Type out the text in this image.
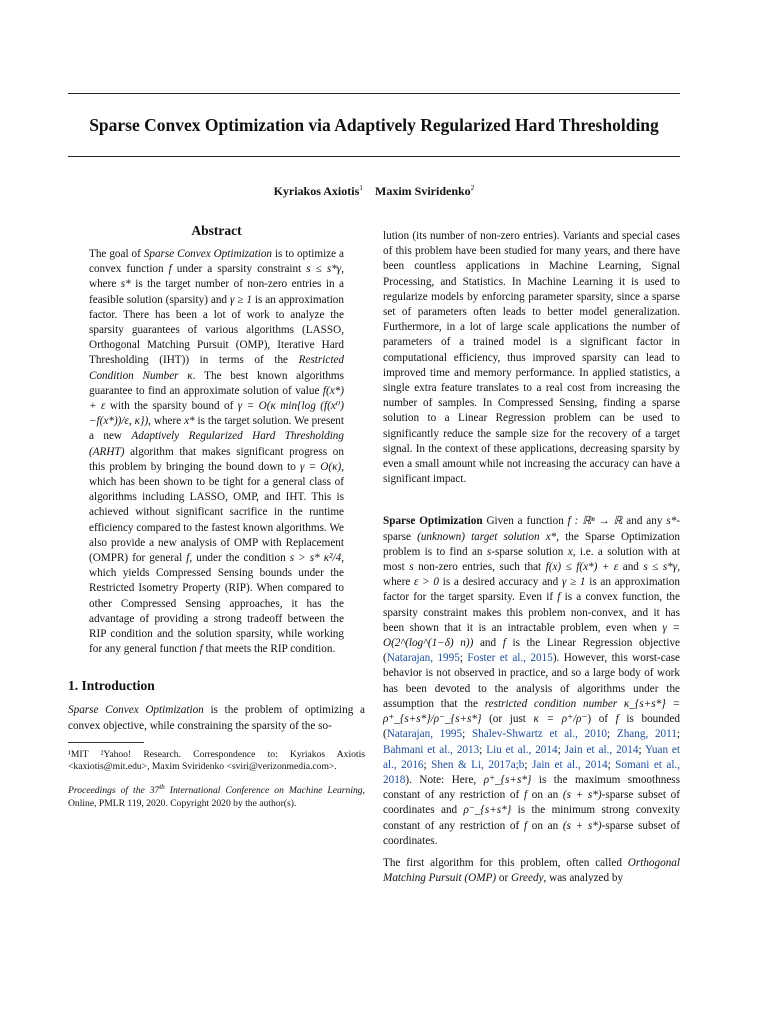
Sparse Convex Optimization via Adaptively Regularized Hard Thresholding
Kyriakos Axiotis$^1$ Maxim Sviridenko$^2$
Abstract

The goal of Sparse Convex Optimization is to optimize a convex function f under a sparsity constraint s ≤ s*γ, where s* is the target number of non-zero entries in a feasible solution (sparsity) and γ ≥ 1 is an approximation factor. There has been a lot of work to analyze the sparsity guarantees of various algorithms (LASSO, Orthogonal Matching Pursuit (OMP), Iterative Hard Thresholding (IHT)) in terms of the Restricted Condition Number κ. The best known algorithms guarantee to find an approximate solution of value f(x*) + ε with the sparsity bound of γ = O(κ min{log (f(x⁰)−f(x*))/ε, κ}), where x* is the target solution. We present a new Adaptively Regularized Hard Thresholding (ARHT) algorithm that makes significant progress on this problem by bringing the bound down to γ = O(κ), which has been shown to be tight for a general class of algorithms including LASSO, OMP, and IHT. This is achieved without significant sacrifice in the runtime efficiency compared to the fastest known algorithms. We also provide a new analysis of OMP with Replacement (OMPR) for general f, under the condition s > s* κ²/4, which yields Compressed Sensing bounds under the Restricted Isometry Property (RIP). When compared to other Compressed Sensing approaches, it has the advantage of providing a strong tradeoff between the RIP condition and the solution sparsity, while working for any general function f that meets the RIP condition.

1. Introduction

Sparse Convex Optimization is the problem of optimizing a convex objective, while constraining the sparsity of the so-

¹MIT ²Yahoo! Research. Correspondence to: Kyriakos Axiotis <kaxiotis@mit.edu>, Maxim Sviridenko <sviri@verizonmedia.com>.
Proceedings of the 37th International Conference on Machine Learning, Online, PMLR 119, 2020. Copyright 2020 by the author(s).

lution (its number of non-zero entries). Variants and special cases of this problem have been studied for many years, and there have been countless applications in Machine Learning, Signal Processing, and Statistics. In Machine Learning it is used to regularize models by enforcing parameter sparsity, since a sparse set of parameters often leads to better model generalization. Furthermore, in a lot of large scale applications the number of parameters of a trained model is a significant factor in computational efficiency, thus improved sparsity can lead to improved time and memory performance. In applied statistics, a single extra feature translates to a real cost from increasing the number of samples. In Compressed Sensing, finding a sparse solution to a Linear Regression problem can be used to significantly reduce the sample size for the recovery of a target signal. In the context of these applications, decreasing sparsity by even a small amount while not increasing the accuracy can have a significant impact.

Sparse Optimization Given a function f : ℝⁿ → ℝ and any s*-sparse (unknown) target solution x*, the Sparse Optimization problem is to find an s-sparse solution x, i.e. a solution with at most s non-zero entries, such that f(x) ≤ f(x*) + ε and s ≤ s*γ, where ε > 0 is a desired accuracy and γ ≥ 1 is an approximation factor for the target sparsity. Even if f is a convex function, the sparsity constraint makes this problem non-convex, and it has been shown that it is an intractable problem, even when γ = O(2^(log^(1−δ) n)) and f is the Linear Regression objective (Natarajan, 1995; Foster et al., 2015). However, this worst-case behavior is not observed in practice, and so a large body of work has been devoted to the analysis of algorithms under the assumption that the restricted condition number κ_{s+s*} = ρ⁺_{s+s*}/ρ⁻_{s+s*} (or just κ = ρ⁺/ρ⁻) of f is bounded (Natarajan, 1995; Shalev-Shwartz et al., 2010; Zhang, 2011; Bahmani et al., 2013; Liu et al., 2014; Jain et al., 2014; Yuan et al., 2016; Shen & Li, 2017a;b; Jain et al., 2014; Somani et al., 2018). Note: Here, ρ⁺_{s+s*} is the maximum smoothness constant of any restriction of f on an (s + s*)-sparse subset of coordinates and ρ⁻_{s+s*} is the minimum strong convexity constant of any restriction of f on an (s + s*)-sparse subset of coordinates.

The first algorithm for this problem, often called Orthogonal Matching Pursuit (OMP) or Greedy, was analyzed by
